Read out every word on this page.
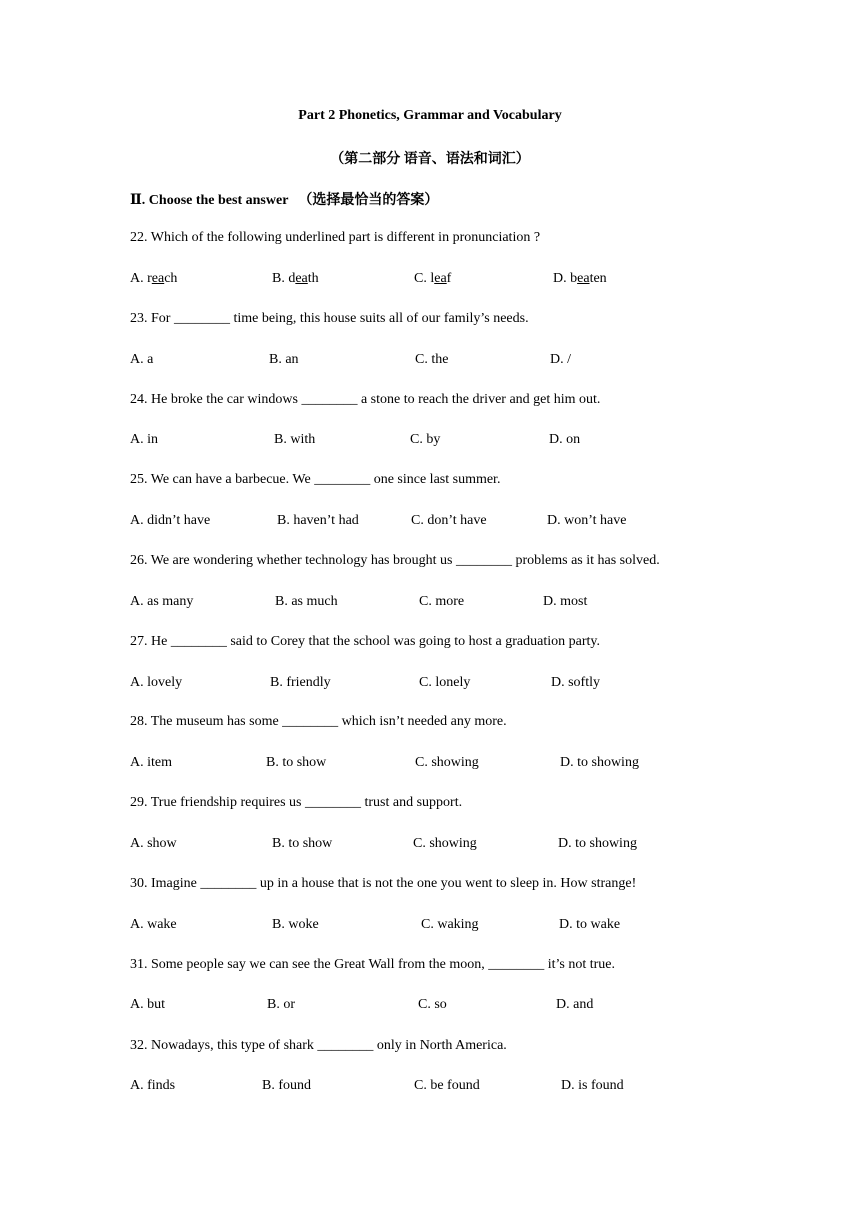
Part 2 Phonetics, Grammar and Vocabulary
（第二部分 语音、语法和词汇）
Ⅱ. Choose the best answer （选择最恰当的答案）
22. Which of the following underlined part is different in pronunciation ?
A. reach	B. death	C. leaf	D. beaten
23. For ________ time being, this house suits all of our family’s needs.
A. a	B. an	C. the	D. /
24. He broke the car windows ________ a stone to reach the driver and get him out.
A. in	B. with	C. by	D. on
25. We can have a barbecue. We ________ one since last summer.
A. didn’t have	B. haven’t had	C. don’t have	D. won’t have
26. We are wondering whether technology has brought us ________ problems as it has solved.
A. as many	B. as much	C. more	D. most
27. He ________ said to Corey that the school was going to host a graduation party.
A. lovely	B. friendly	C. lonely	D. softly
28. The museum has some ________ which isn’t needed any more.
A. item	B. to show	C. showing	D. to showing
29. True friendship requires us ________ trust and support.
A. show	B. to show	C. showing	D. to showing
30. Imagine ________ up in a house that is not the one you went to sleep in. How strange!
A. wake	B. woke	C. waking	D. to wake
31. Some people say we can see the Great Wall from the moon, ________ it’s not true.
A. but	B. or	C. so	D. and
32. Nowadays, this type of shark ________ only in North America.
A. finds	B. found	C. be found	D. is found
